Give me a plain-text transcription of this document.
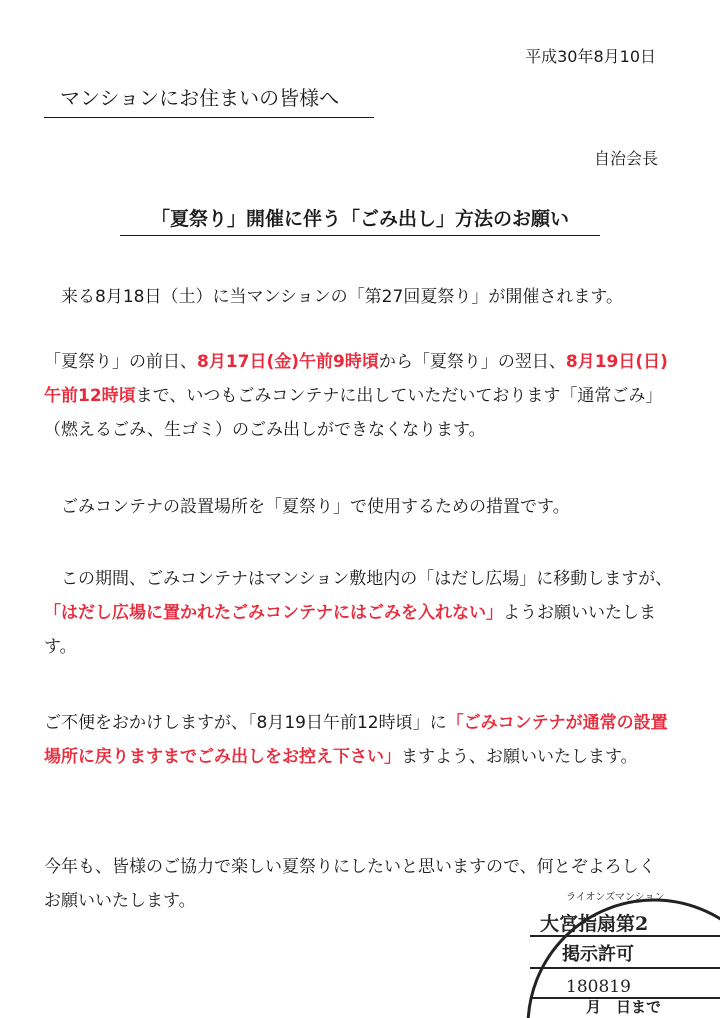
平成30年8月10日
マンションにお住まいの皆様へ
自治会長
「夏祭り」開催に伴う「ごみ出し」方法のお願い

　来る8月18日（土）に当マンションの「第27回夏祭り」が開催されます。

「夏祭り」の前日、8月17日(金)午前9時頃から「夏祭り」の翌日、8月19日(日)午前12時頃まで、いつもごみコンテナに出していただいております「通常ごみ」（燃えるごみ、生ゴミ）のごみ出しができなくなります。

　ごみコンテナの設置場所を「夏祭り」で使用するための措置です。

　この期間、ごみコンテナはマンション敷地内の「はだし広場」に移動しますが、「はだし広場に置かれたごみコンテナにはごみを入れない」ようお願いいたします。

ご不便をおかけしますが、「8月19日午前12時頃」に「ごみコンテナが通常の設置場所に戻りますまでごみ出しをお控え下さい」ますよう、お願いいたします。

今年も、皆様のご協力で楽しい夏祭りにしたいと思いますので、何とぞよろしくお願いいたします。	ライオンズマンション
大宮指扇第2
掲示許可
180819
月　日まで
